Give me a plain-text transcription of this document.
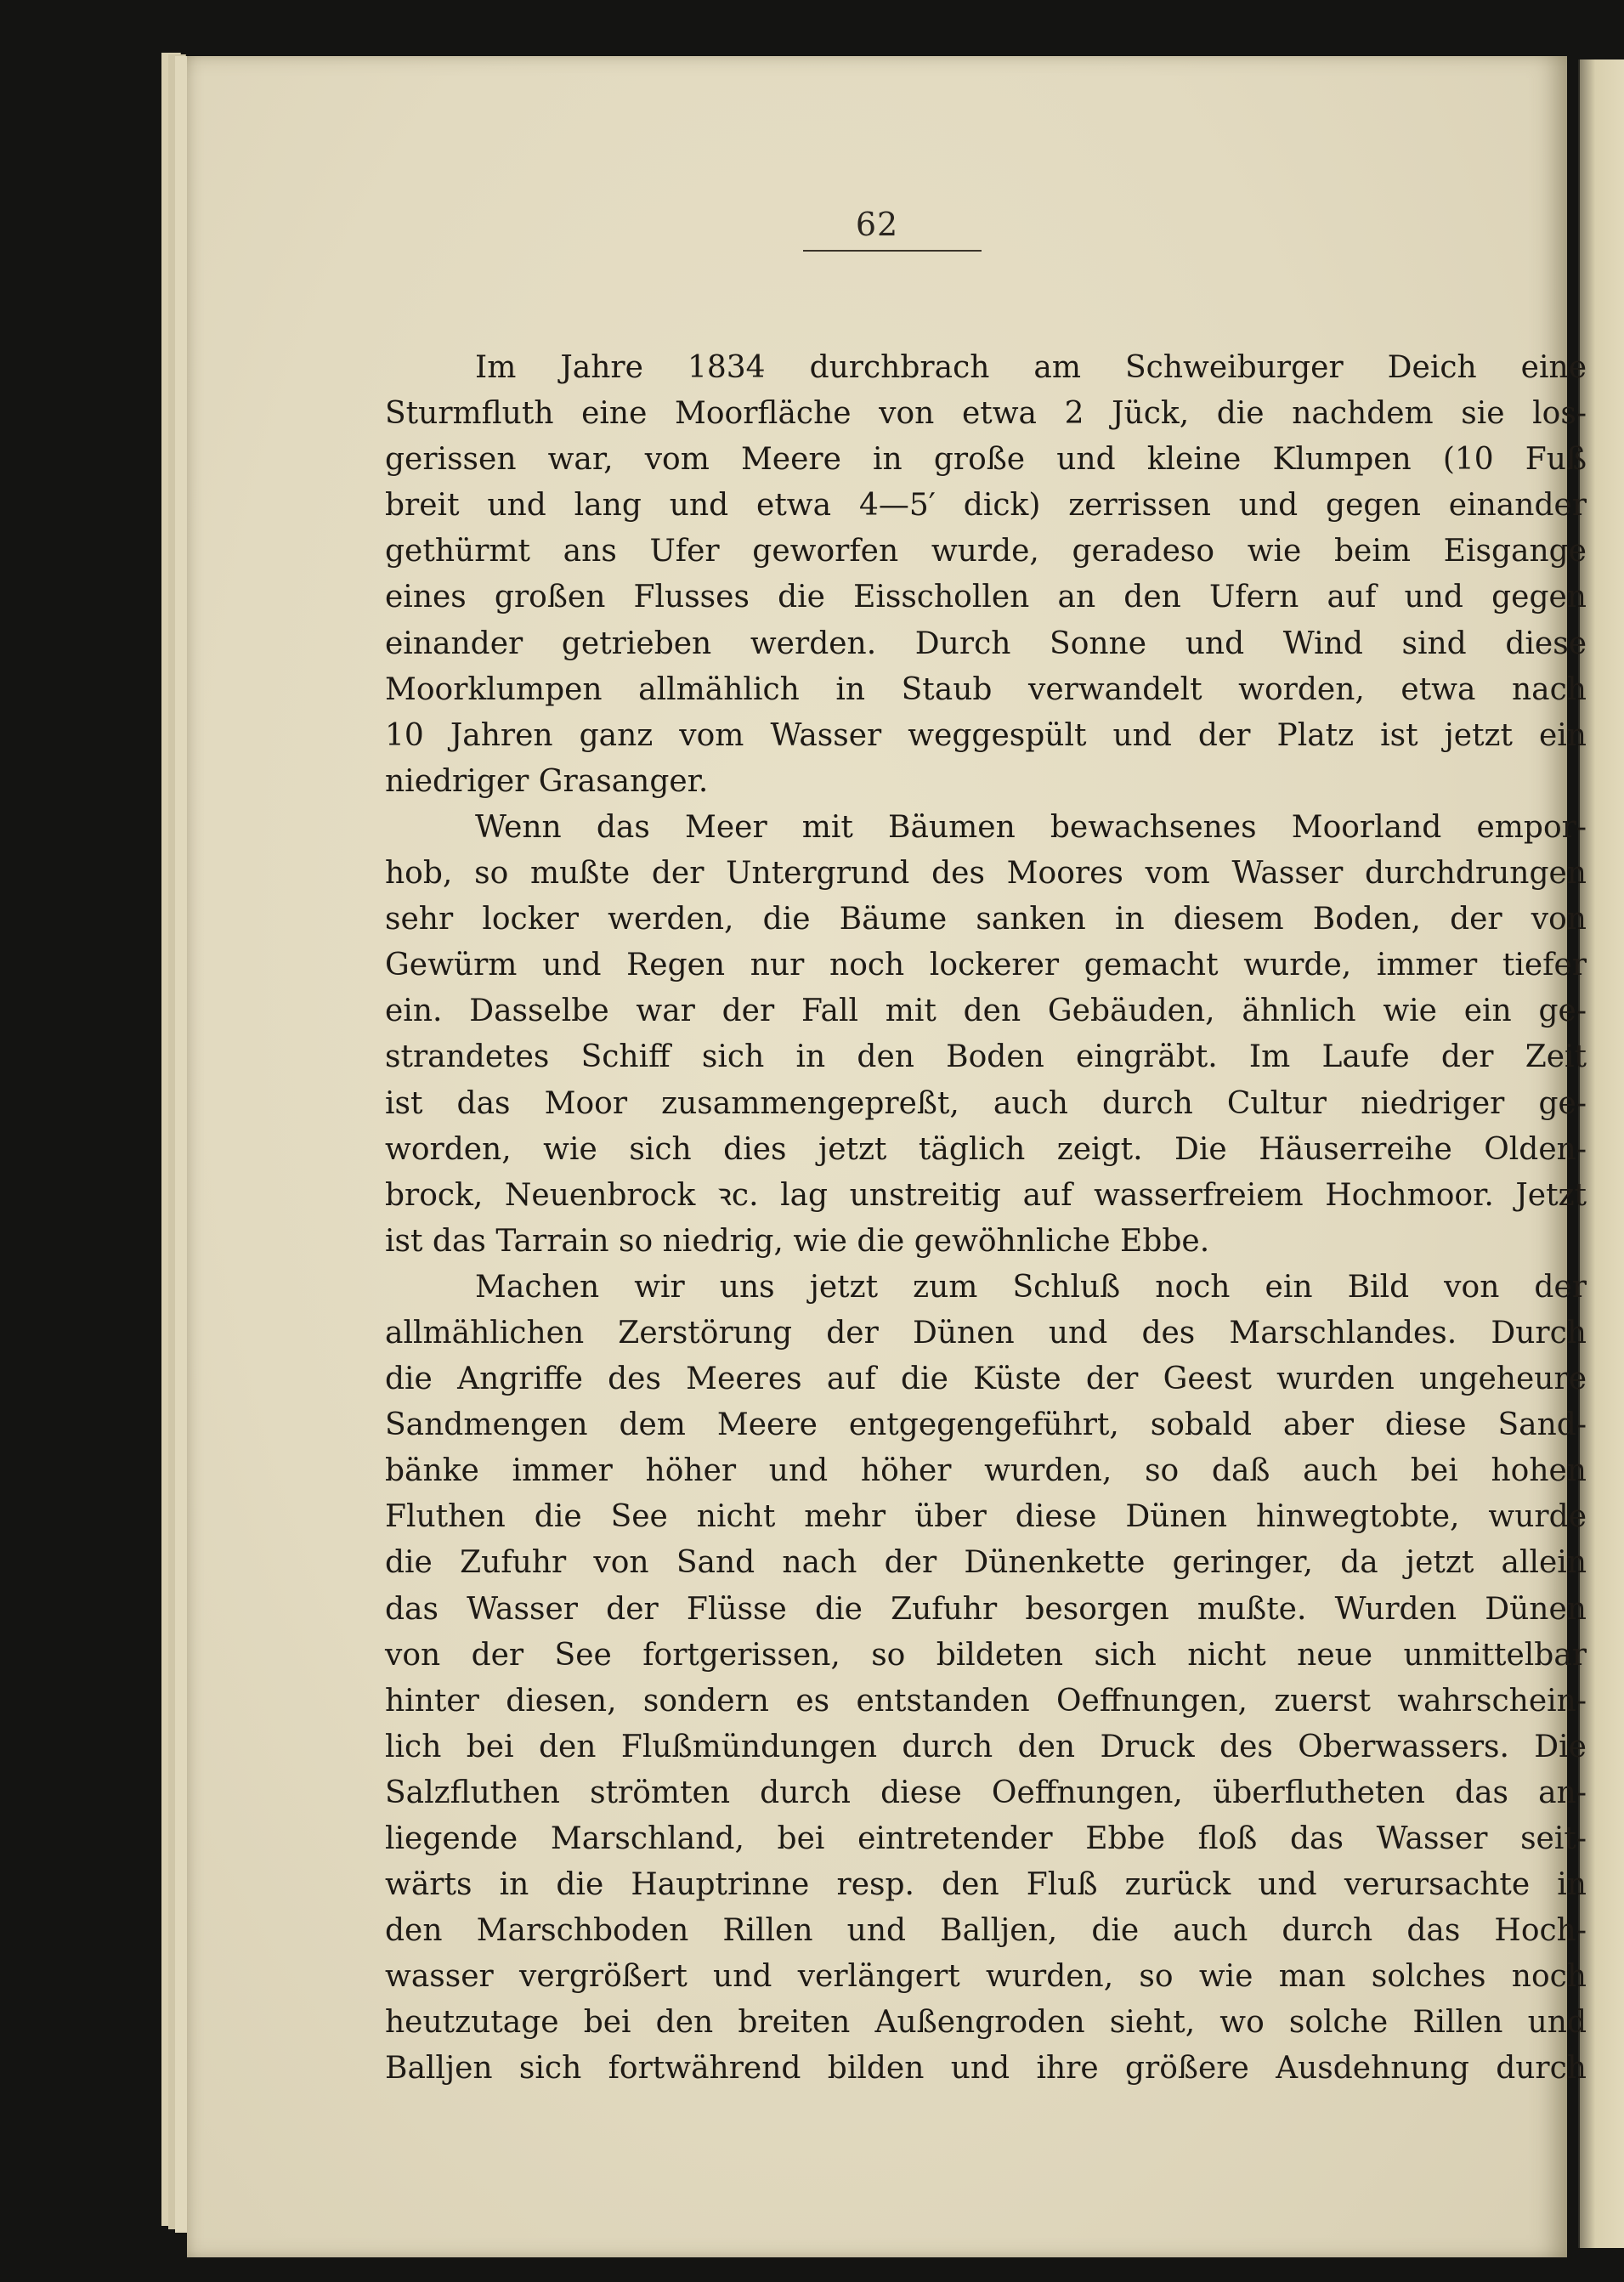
62
Im Jahre 1834 durchbrach am Schweiburger Deich eine
Sturmfluth eine Moorfläche von etwa 2 Jück, die nachdem sie los-
gerissen war, vom Meere in große und kleine Klumpen (10 Fuß
breit und lang und etwa 4—5′ dick) zerrissen und gegen einander
gethürmt ans Ufer geworfen wurde, geradeso wie beim Eisgange
eines großen Flusses die Eisschollen an den Ufern auf und gegen
einander getrieben werden. Durch Sonne und Wind sind diese
Moorklumpen allmählich in Staub verwandelt worden, etwa nach
10 Jahren ganz vom Wasser weggespült und der Platz ist jetzt ein
niedriger Grasanger.
Wenn das Meer mit Bäumen bewachsenes Moorland empor-
hob, so mußte der Untergrund des Moores vom Wasser durchdrungen
sehr locker werden, die Bäume sanken in diesem Boden, der von
Gewürm und Regen nur noch lockerer gemacht wurde, immer tiefer
ein. Dasselbe war der Fall mit den Gebäuden, ähnlich wie ein ge-
strandetes Schiff sich in den Boden eingräbt. Im Laufe der Zeit
ist das Moor zusammengepreßt, auch durch Cultur niedriger ge-
worden, wie sich dies jetzt täglich zeigt. Die Häuserreihe Olden-
brock, Neuenbrock ꝛc. lag unstreitig auf wasserfreiem Hochmoor. Jetzt
ist das Tarrain so niedrig, wie die gewöhnliche Ebbe.
Machen wir uns jetzt zum Schluß noch ein Bild von der
allmählichen Zerstörung der Dünen und des Marschlandes. Durch
die Angriffe des Meeres auf die Küste der Geest wurden ungeheure
Sandmengen dem Meere entgegengeführt, sobald aber diese Sand-
bänke immer höher und höher wurden, so daß auch bei hohen
Fluthen die See nicht mehr über diese Dünen hinwegtobte, wurde
die Zufuhr von Sand nach der Dünenkette geringer, da jetzt allein
das Wasser der Flüsse die Zufuhr besorgen mußte. Wurden Dünen
von der See fortgerissen, so bildeten sich nicht neue unmittelbar
hinter diesen, sondern es entstanden Oeffnungen, zuerst wahrschein-
lich bei den Flußmündungen durch den Druck des Oberwassers. Die
Salzfluthen strömten durch diese Oeffnungen, überflutheten das an-
liegende Marschland, bei eintretender Ebbe floß das Wasser seit-
wärts in die Hauptrinne resp. den Fluß zurück und verursachte in
den Marschboden Rillen und Balljen, die auch durch das Hoch-
wasser vergrößert und verlängert wurden, so wie man solches noch
heutzutage bei den breiten Außengroden sieht, wo solche Rillen und
Balljen sich fortwährend bilden und ihre größere Ausdehnung durch
